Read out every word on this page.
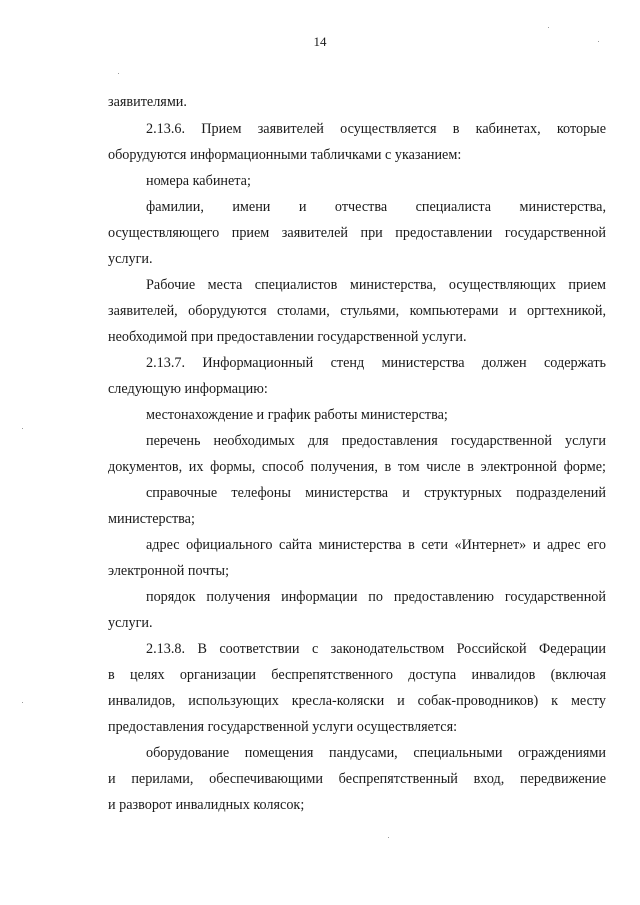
14
заявителями.
2.13.6. Прием заявителей осуществляется в кабинетах, которые
оборудуются информационными табличками с указанием:
номера кабинета;
фамилии, имени и отчества специалиста министерства,
осуществляющего прием заявителей при предоставлении государственной
услуги.
Рабочие места специалистов министерства, осуществляющих прием
заявителей, оборудуются столами, стульями, компьютерами и оргтехникой,
необходимой при предоставлении государственной услуги.
2.13.7. Информационный стенд министерства должен содержать
следующую информацию:
местонахождение и график работы министерства;
перечень необходимых для предоставления государственной услуги
документов, их формы, способ получения, в том числе в электронной форме;
справочные телефоны министерства и структурных подразделений
министерства;
адрес официального сайта министерства в сети «Интернет» и адрес его
электронной почты;
порядок получения информации по предоставлению государственной
услуги.
2.13.8. В соответствии с законодательством Российской Федерации
в целях организации беспрепятственного доступа инвалидов (включая
инвалидов, использующих кресла-коляски и собак-проводников) к месту
предоставления государственной услуги осуществляется:
оборудование помещения пандусами, специальными ограждениями
и перилами, обеспечивающими беспрепятственный вход, передвижение
и разворот инвалидных колясок;
